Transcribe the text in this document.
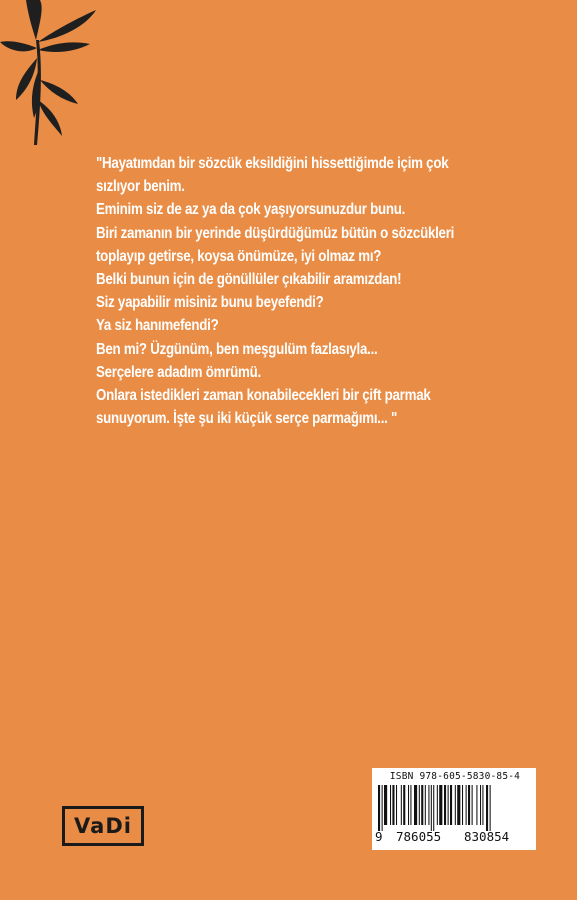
"Hayatımdan bir sözcük eksildiğini hissettiğimde içim çok
sızlıyor benim.
Eminim siz de az ya da çok yaşıyorsunuzdur bunu.
Biri zamanın bir yerinde düşürdüğümüz bütün o sözcükleri
toplayıp getirse, koysa önümüze, iyi olmaz mı?
Belki bunun için de gönüllüler çıkabilir aramızdan!
Siz yapabilir misiniz bunu beyefendi?
Ya siz hanımefendi?
Ben mi? Üzgünüm, ben meşgulüm fazlasıyla...
Serçelere adadım ömrümü.
Onlara istedikleri zaman konabilecekleri bir çift parmak
sunuyorum. İşte şu iki küçük serçe parmağımı... "
VaDi
ISBN 978-605-5830-85-4
9 786055 830854
